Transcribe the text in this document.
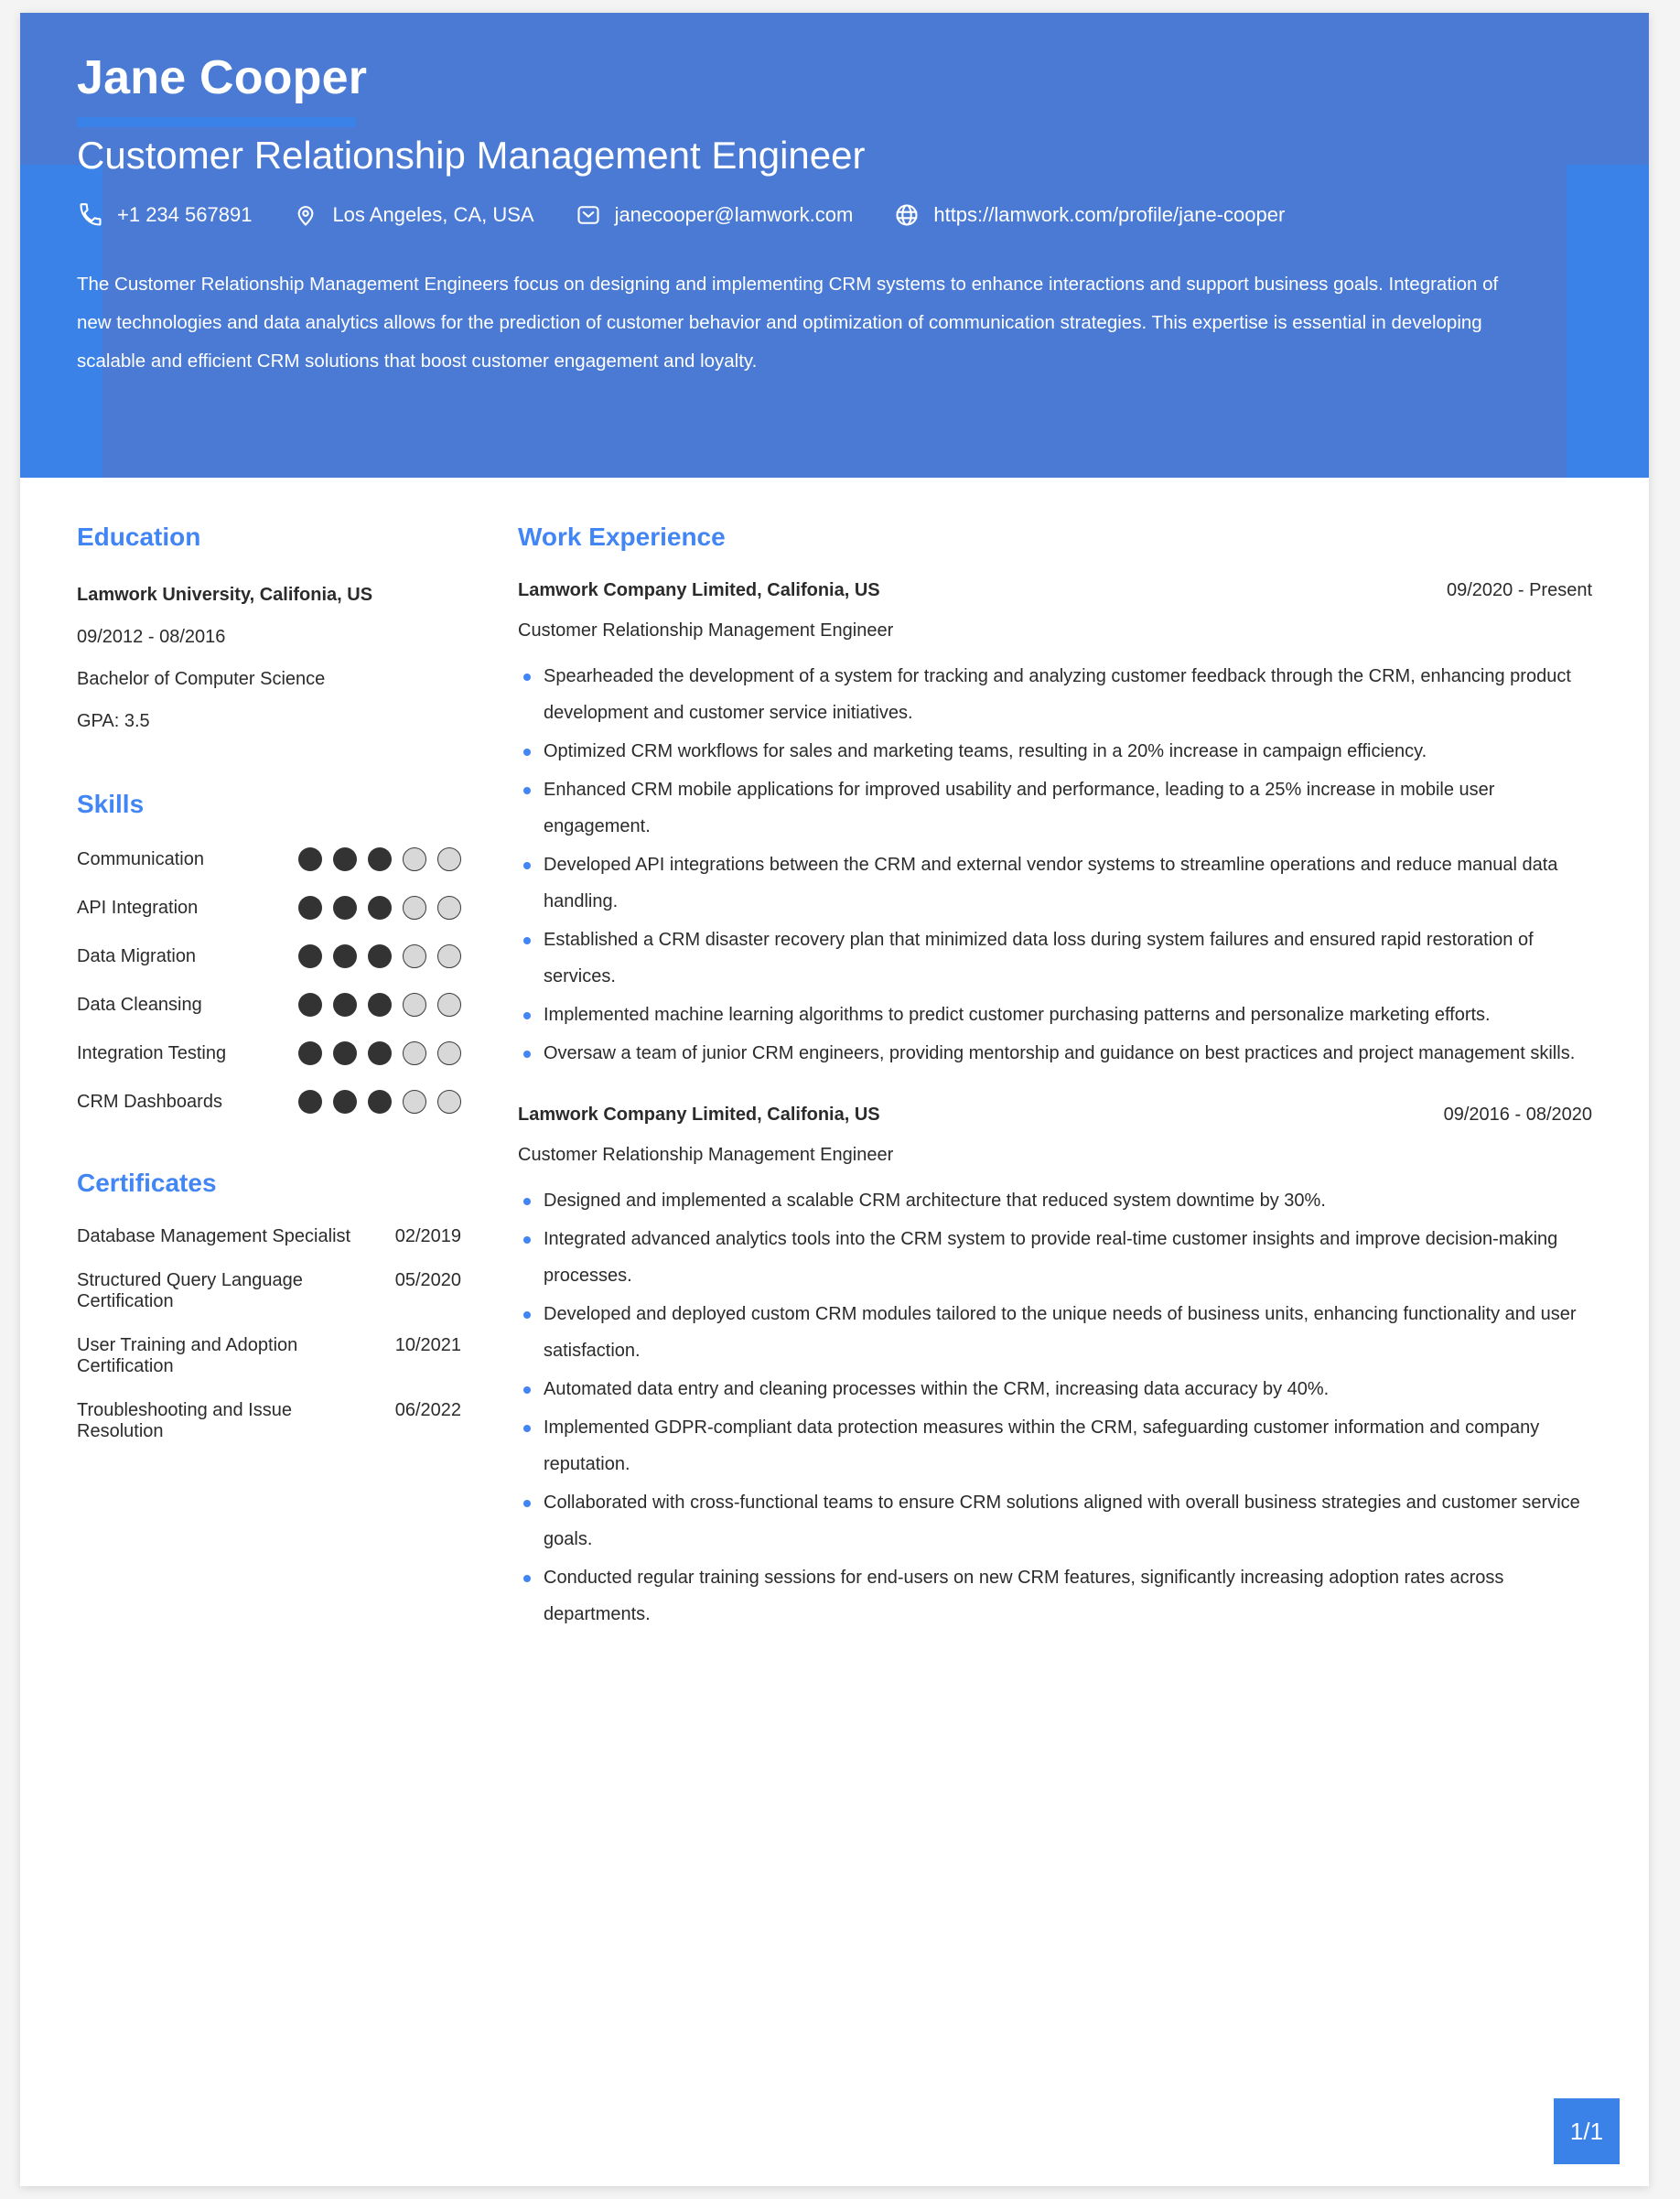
Jane Cooper
Customer Relationship Management Engineer
+1 234 567891	Los Angeles, CA, USA	janecooper@lamwork.com	https://lamwork.com/profile/jane-cooper

The Customer Relationship Management Engineers focus on designing and implementing CRM systems to enhance interactions and support business goals. Integration of new technologies and data analytics allows for the prediction of customer behavior and optimization of communication strategies. This expertise is essential in developing scalable and efficient CRM solutions that boost customer engagement and loyalty.

Education
Lamwork University, Califonia, US
09/2012 - 08/2016
Bachelor of Computer Science
GPA: 3.5
Skills
Communication
API Integration
Data Migration
Data Cleansing
Integration Testing
CRM Dashboards
Certificates
Database Management Specialist 02/2019
Structured Query Language Certification
05/2020
User Training and Adoption Certification
10/2021
Troubleshooting and Issue Resolution
06/2022
Work Experience
Lamwork Company Limited, Califonia, US	09/2020 - Present
Customer Relationship Management Engineer
Spearheaded the development of a system for tracking and analyzing customer feedback through the CRM, enhancing product development and customer service initiatives.
Optimized CRM workflows for sales and marketing teams, resulting in a 20% increase in campaign efficiency.
Enhanced CRM mobile applications for improved usability and performance, leading to a 25% increase in mobile user engagement.
Developed API integrations between the CRM and external vendor systems to streamline operations and reduce manual data handling.
Established a CRM disaster recovery plan that minimized data loss during system failures and ensured rapid restoration of services.
Implemented machine learning algorithms to predict customer purchasing patterns and personalize marketing efforts.
Oversaw a team of junior CRM engineers, providing mentorship and guidance on best practices and project management skills.
Lamwork Company Limited, Califonia, US	09/2016 - 08/2020
Customer Relationship Management Engineer
Designed and implemented a scalable CRM architecture that reduced system downtime by 30%.
Integrated advanced analytics tools into the CRM system to provide real-time customer insights and improve decision-making processes.
Developed and deployed custom CRM modules tailored to the unique needs of business units, enhancing functionality and user satisfaction.
Automated data entry and cleaning processes within the CRM, increasing data accuracy by 40%.
Implemented GDPR-compliant data protection measures within the CRM, safeguarding customer information and company reputation.
Collaborated with cross-functional teams to ensure CRM solutions aligned with overall business strategies and customer service goals.
Conducted regular training sessions for end-users on new CRM features, significantly increasing adoption rates across departments.
1/1
